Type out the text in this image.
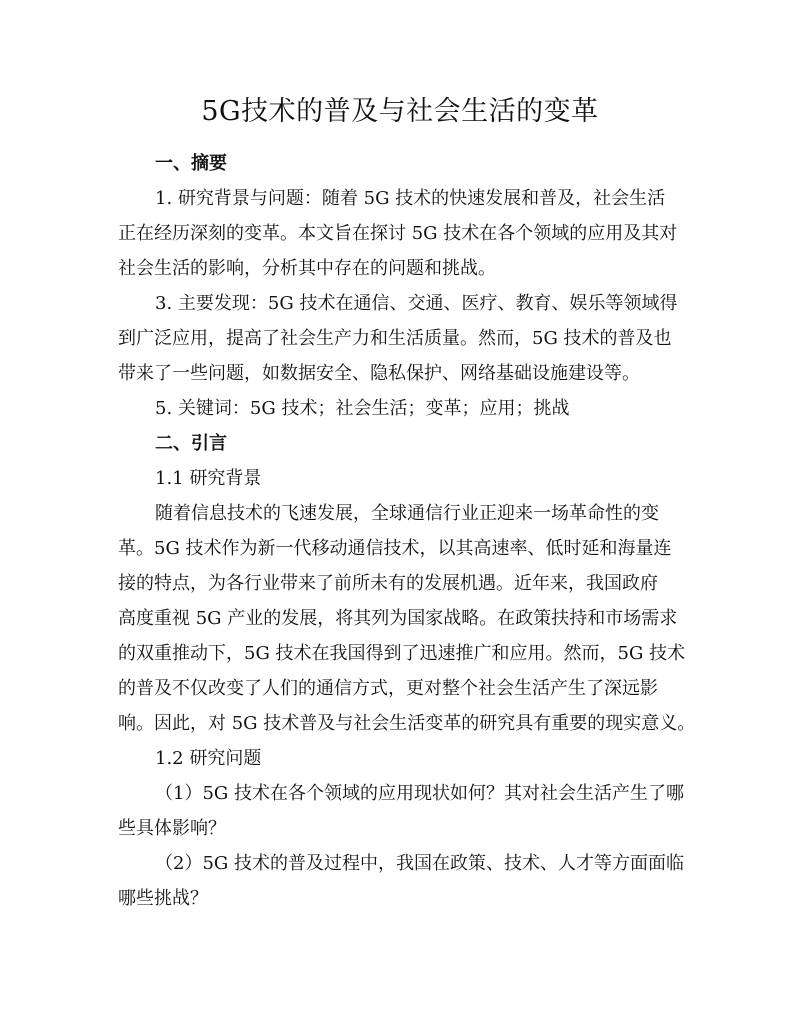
5G技术的普及与社会生活的变革
一、摘要
1. 研究背景与问题：随着 5G 技术的快速发展和普及，社会生活
正在经历深刻的变革。本文旨在探讨 5G 技术在各个领域的应用及其对
社会生活的影响，分析其中存在的问题和挑战。
3. 主要发现：5G 技术在通信、交通、医疗、教育、娱乐等领域得
到广泛应用，提高了社会生产力和生活质量。然而，5G 技术的普及也
带来了一些问题，如数据安全、隐私保护、网络基础设施建设等。
5. 关键词：5G 技术；社会生活；变革；应用；挑战
二、引言
1.1 研究背景
随着信息技术的飞速发展，全球通信行业正迎来一场革命性的变
革。5G 技术作为新一代移动通信技术，以其高速率、低时延和海量连
接的特点，为各行业带来了前所未有的发展机遇。近年来，我国政府
高度重视 5G 产业的发展，将其列为国家战略。在政策扶持和市场需求
的双重推动下，5G 技术在我国得到了迅速推广和应用。然而，5G 技术
的普及不仅改变了人们的通信方式，更对整个社会生活产生了深远影
响。因此，对 5G 技术普及与社会生活变革的研究具有重要的现实意义。
1.2 研究问题
（1）5G 技术在各个领域的应用现状如何？其对社会生活产生了哪
些具体影响？
（2）5G 技术的普及过程中，我国在政策、技术、人才等方面面临
哪些挑战？
